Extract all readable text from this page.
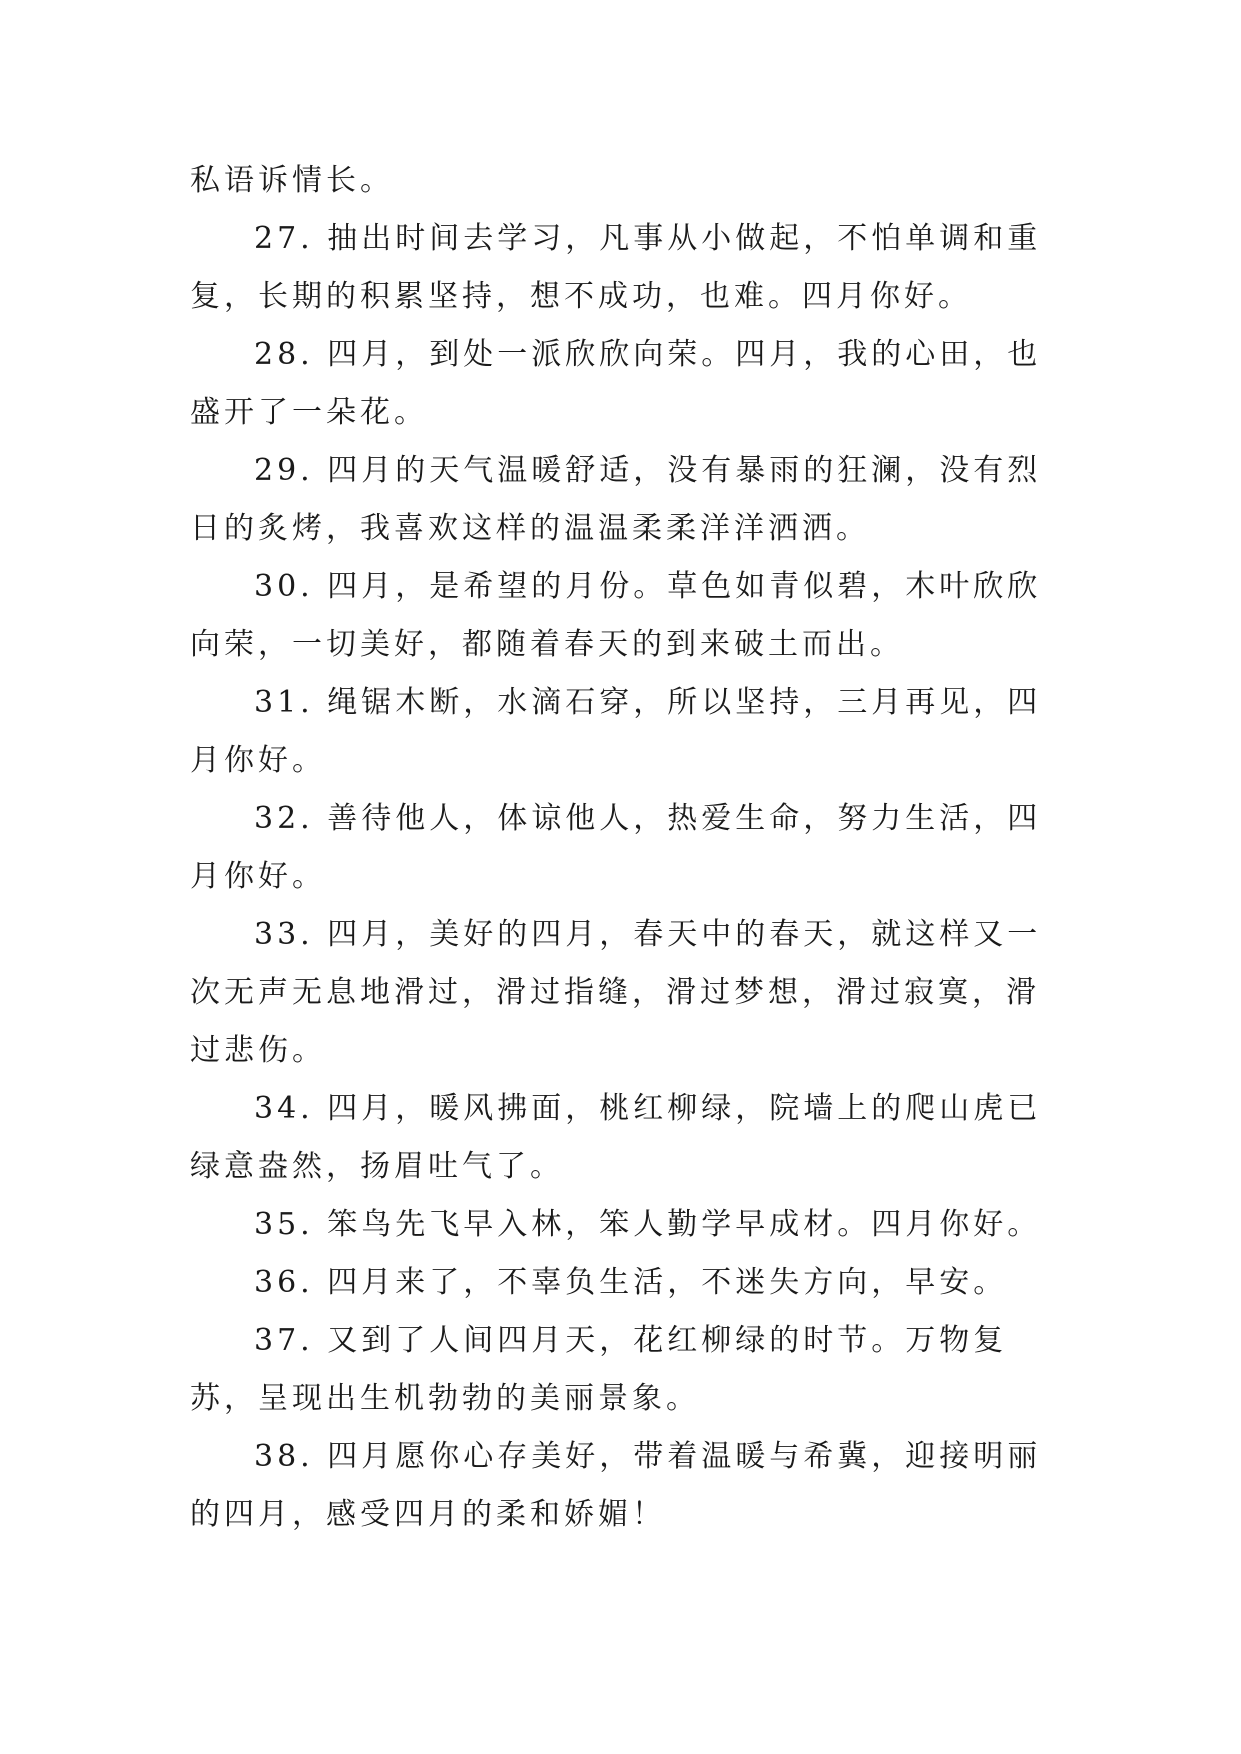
私语诉情长。

27. 抽出时间去学习，凡事从小做起，不怕单调和重复，长期的积累坚持，想不成功，也难。四月你好。

28. 四月，到处一派欣欣向荣。四月，我的心田，也盛开了一朵花。

29. 四月的天气温暖舒适，没有暴雨的狂澜，没有烈日的炙烤，我喜欢这样的温温柔柔洋洋洒洒。

30. 四月，是希望的月份。草色如青似碧，木叶欣欣向荣，一切美好，都随着春天的到来破土而出。

31. 绳锯木断，水滴石穿，所以坚持，三月再见，四月你好。

32. 善待他人，体谅他人，热爱生命，努力生活，四月你好。

33. 四月，美好的四月，春天中的春天，就这样又一次无声无息地滑过，滑过指缝，滑过梦想，滑过寂寞，滑过悲伤。

34. 四月，暖风拂面，桃红柳绿，院墙上的爬山虎已绿意盎然，扬眉吐气了。

35. 笨鸟先飞早入林，笨人勤学早成材。四月你好。

36. 四月来了，不辜负生活，不迷失方向，早安。

37. 又到了人间四月天，花红柳绿的时节。万物复苏，呈现出生机勃勃的美丽景象。

38. 四月愿你心存美好，带着温暖与希冀，迎接明丽的四月，感受四月的柔和娇媚！
